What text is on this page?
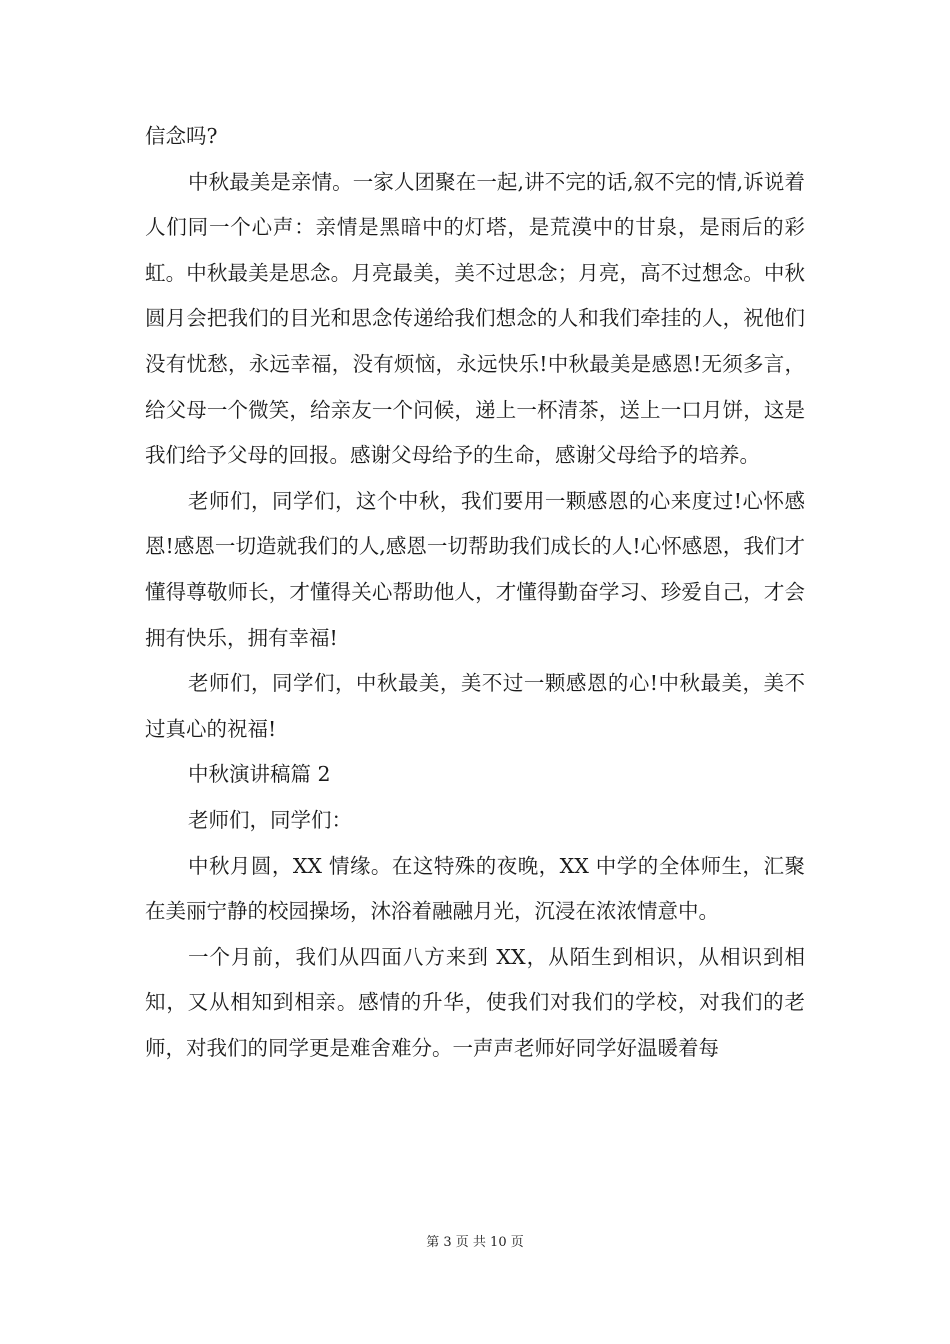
信念吗?

中秋最美是亲情。一家人团聚在一起,讲不完的话,叙不完的情,诉说着人们同一个心声：亲情是黑暗中的灯塔，是荒漠中的甘泉，是雨后的彩虹。中秋最美是思念。月亮最美，美不过思念；月亮，高不过想念。中秋圆月会把我们的目光和思念传递给我们想念的人和我们牵挂的人，祝他们没有忧愁，永远幸福，没有烦恼，永远快乐!中秋最美是感恩!无须多言，给父母一个微笑，给亲友一个问候，递上一杯清茶，送上一口月饼，这是我们给予父母的回报。感谢父母给予的生命，感谢父母给予的培养。

老师们，同学们，这个中秋，我们要用一颗感恩的心来度过!心怀感恩!感恩一切造就我们的人,感恩一切帮助我们成长的人!心怀感恩，我们才懂得尊敬师长，才懂得关心帮助他人，才懂得勤奋学习、珍爱自己，才会拥有快乐，拥有幸福!

老师们，同学们，中秋最美，美不过一颗感恩的心!中秋最美，美不过真心的祝福!

中秋演讲稿篇 2

老师们，同学们：

中秋月圆，XX 情缘。在这特殊的夜晚，XX 中学的全体师生，汇聚在美丽宁静的校园操场，沐浴着融融月光，沉浸在浓浓情意中。

一个月前，我们从四面八方来到 XX，从陌生到相识，从相识到相知，又从相知到相亲。感情的升华，使我们对我们的学校，对我们的老师，对我们的同学更是难舍难分。一声声老师好同学好温暖着每

第 3 页 共 10 页
